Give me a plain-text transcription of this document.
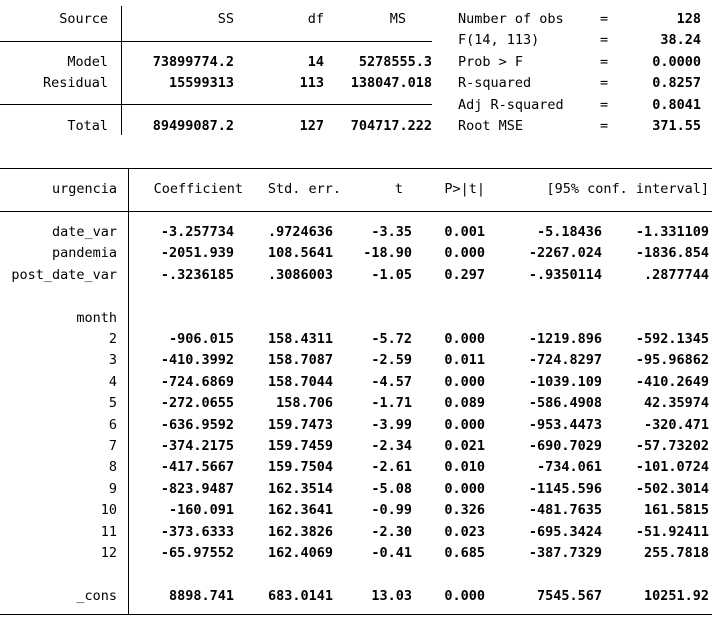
Source	SS	df	MS
Model	73899774.2	14	5278555.3
Residual	15599313	113	138047.018
Total	89499087.2	127	704717.222
Number of obs	=	128
F(14, 113)	=	38.24
Prob > F	=	0.0000
R-squared	=	0.8257
Adj R-squared	=	0.8041
Root MSE	=	371.55
urgencia	Coefficient	Std. err.	t	P>|t|	[95% conf. interval]
date_var	-3.257734	.9724636	-3.35	0.001	-5.18436	-1.331109
pandemia	-2051.939	108.5641	-18.90	0.000	-2267.024	-1836.854
post_date_var	-.3236185	.3086003	-1.05	0.297	-.9350114	.2877744
month
2	-906.015	158.4311	-5.72	0.000	-1219.896	-592.1345
3	-410.3992	158.7087	-2.59	0.011	-724.8297	-95.96862
4	-724.6869	158.7044	-4.57	0.000	-1039.109	-410.2649
5	-272.0655	158.706	-1.71	0.089	-586.4908	42.35974
6	-636.9592	159.7473	-3.99	0.000	-953.4473	-320.471
7	-374.2175	159.7459	-2.34	0.021	-690.7029	-57.73202
8	-417.5667	159.7504	-2.61	0.010	-734.061	-101.0724
9	-823.9487	162.3514	-5.08	0.000	-1145.596	-502.3014
10	-160.091	162.3641	-0.99	0.326	-481.7635	161.5815
11	-373.6333	162.3826	-2.30	0.023	-695.3424	-51.92411
12	-65.97552	162.4069	-0.41	0.685	-387.7329	255.7818
_cons	8898.741	683.0141	13.03	0.000	7545.567	10251.92
